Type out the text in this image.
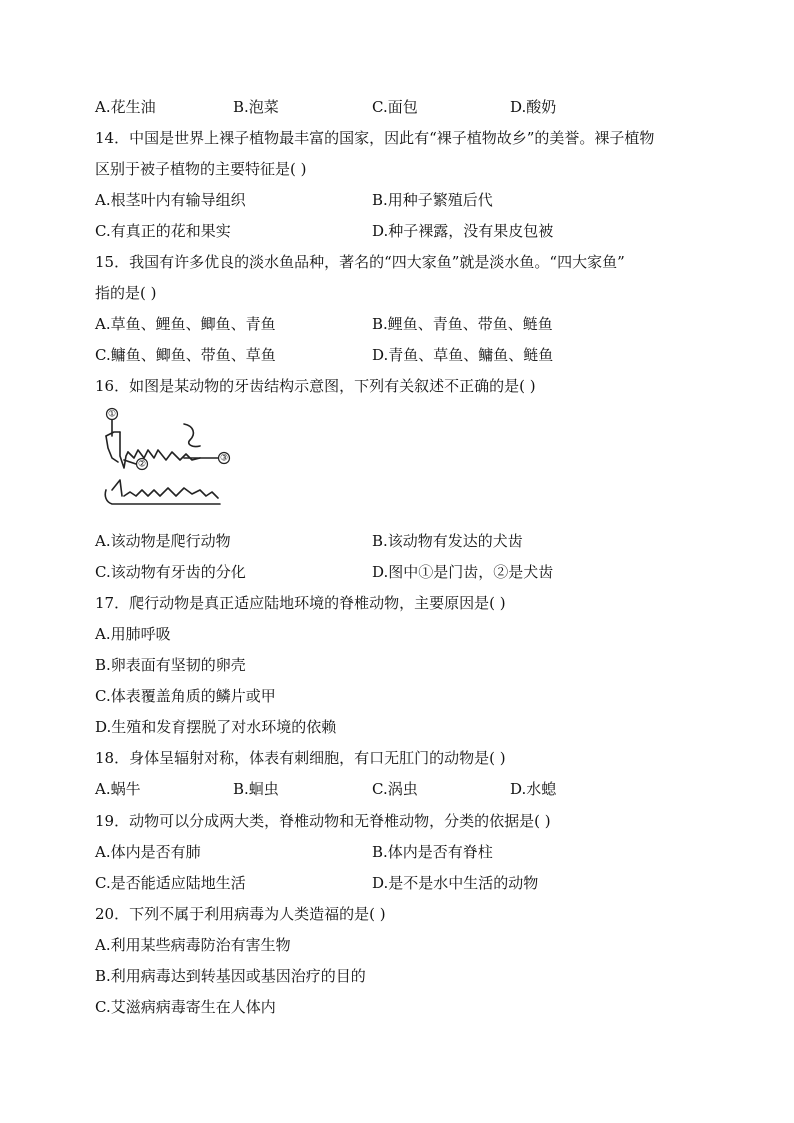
A.花生油	B.泡菜	C.面包	D.酸奶
14．中国是世界上裸子植物最丰富的国家，因此有“裸子植物故乡”的美誉。裸子植物
区别于被子植物的主要特征是( )
A.根茎叶内有输导组织	B.用种子繁殖后代
C.有真正的花和果实	D.种子裸露，没有果皮包被
15．我国有许多优良的淡水鱼品种，著名的“四大家鱼”就是淡水鱼。“四大家鱼”
指的是( )
A.草鱼、鲤鱼、鲫鱼、青鱼	B.鲤鱼、青鱼、带鱼、鲢鱼
C.鳙鱼、鲫鱼、带鱼、草鱼	D.青鱼、草鱼、鳙鱼、鲢鱼
16．如图是某动物的牙齿结构示意图，下列有关叙述不正确的是( )
①
②
③
A.该动物是爬行动物	B.该动物有发达的犬齿
C.该动物有牙齿的分化	D.图中①是门齿，②是犬齿
17．爬行动物是真正适应陆地环境的脊椎动物，主要原因是( )
A.用肺呼吸
B.卵表面有坚韧的卵壳
C.体表覆盖角质的鳞片或甲
D.生殖和发育摆脱了对水环境的依赖
18．身体呈辐射对称，体表有刺细胞，有口无肛门的动物是( )
A.蜗牛	B.蛔虫	C.涡虫	D.水螅
19．动物可以分成两大类，脊椎动物和无脊椎动物，分类的依据是( )
A.体内是否有肺	B.体内是否有脊柱
C.是否能适应陆地生活	D.是不是水中生活的动物
20．下列不属于利用病毒为人类造福的是( )
A.利用某些病毒防治有害生物
B.利用病毒达到转基因或基因治疗的目的
C.艾滋病病毒寄生在人体内
